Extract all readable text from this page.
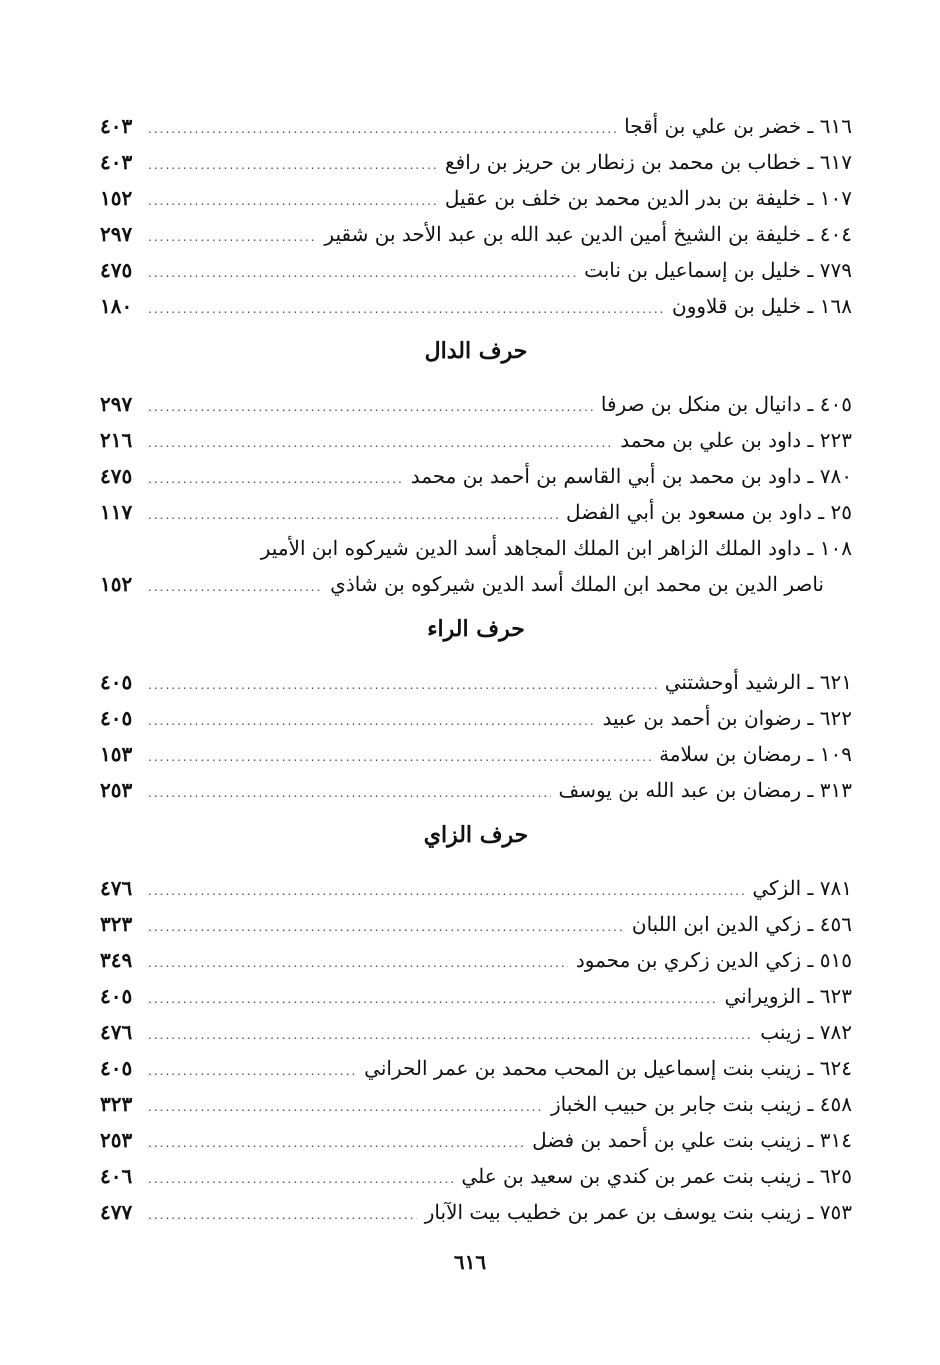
٦١٦ ـ خضر بن علي بن أقجا
.....
٤٠٣
٦١٧ ـ خطاب بن محمد بن زنطار بن حريز بن رافع
.....
٤٠٣
١٠٧ ـ خليفة بن بدر الدين محمد بن خلف بن عقيل
.....
١٥٢
٤٠٤ ـ خليفة بن الشيخ أمين الدين عبد الله بن عبد الأحد بن شقير
.....
٢٩٧
٧٧٩ ـ خليل بن إسماعيل بن نابت
.....
٤٧٥
١٦٨ ـ خليل بن قلاوون
.....
١٨٠
حرف الدال
٤٠٥ ـ دانيال بن منكل بن صرفا
.....
٢٩٧
٢٢٣ ـ داود بن علي بن محمد
.....
٢١٦
٧٨٠ ـ داود بن محمد بن أبي القاسم بن أحمد بن محمد
.....
٤٧٥
٢٥ ـ داود بن مسعود بن أبي الفضل
.....
١١٧
١٠٨ ـ داود الملك الزاهر ابن الملك المجاهد أسد الدين شيركوه ابن الأمير
ناصر الدين بن محمد ابن الملك أسد الدين شيركوه بن شاذي
.....
١٥٢
حرف الراء
٦٢١ ـ الرشيد أوحشتني
.....
٤٠٥
٦٢٢ ـ رضوان بن أحمد بن عبيد
.....
٤٠٥
١٠٩ ـ رمضان بن سلامة
.....
١٥٣
٣١٣ ـ رمضان بن عبد الله بن يوسف
.....
٢٥٣
حرف الزاي
٧٨١ ـ الزكي
.....
٤٧٦
٤٥٦ ـ زكي الدين ابن اللبان
.....
٣٢٣
٥١٥ ـ زكي الدين زكري بن محمود
.....
٣٤٩
٦٢٣ ـ الزويراني
.....
٤٠٥
٧٨٢ ـ زينب
.....
٤٧٦
٦٢٤ ـ زينب بنت إسماعيل بن المحب محمد بن عمر الحراني
.....
٤٠٥
٤٥٨ ـ زينب بنت جابر بن حبيب الخباز
.....
٣٢٣
٣١٤ ـ زينب بنت علي بن أحمد بن فضل
.....
٢٥٣
٦٢٥ ـ زينب بنت عمر بن كندي بن سعيد بن علي
.....
٤٠٦
٧٥٣ ـ زينب بنت يوسف بن عمر بن خطيب بيت الآبار
.....
٤٧٧
٦١٦
